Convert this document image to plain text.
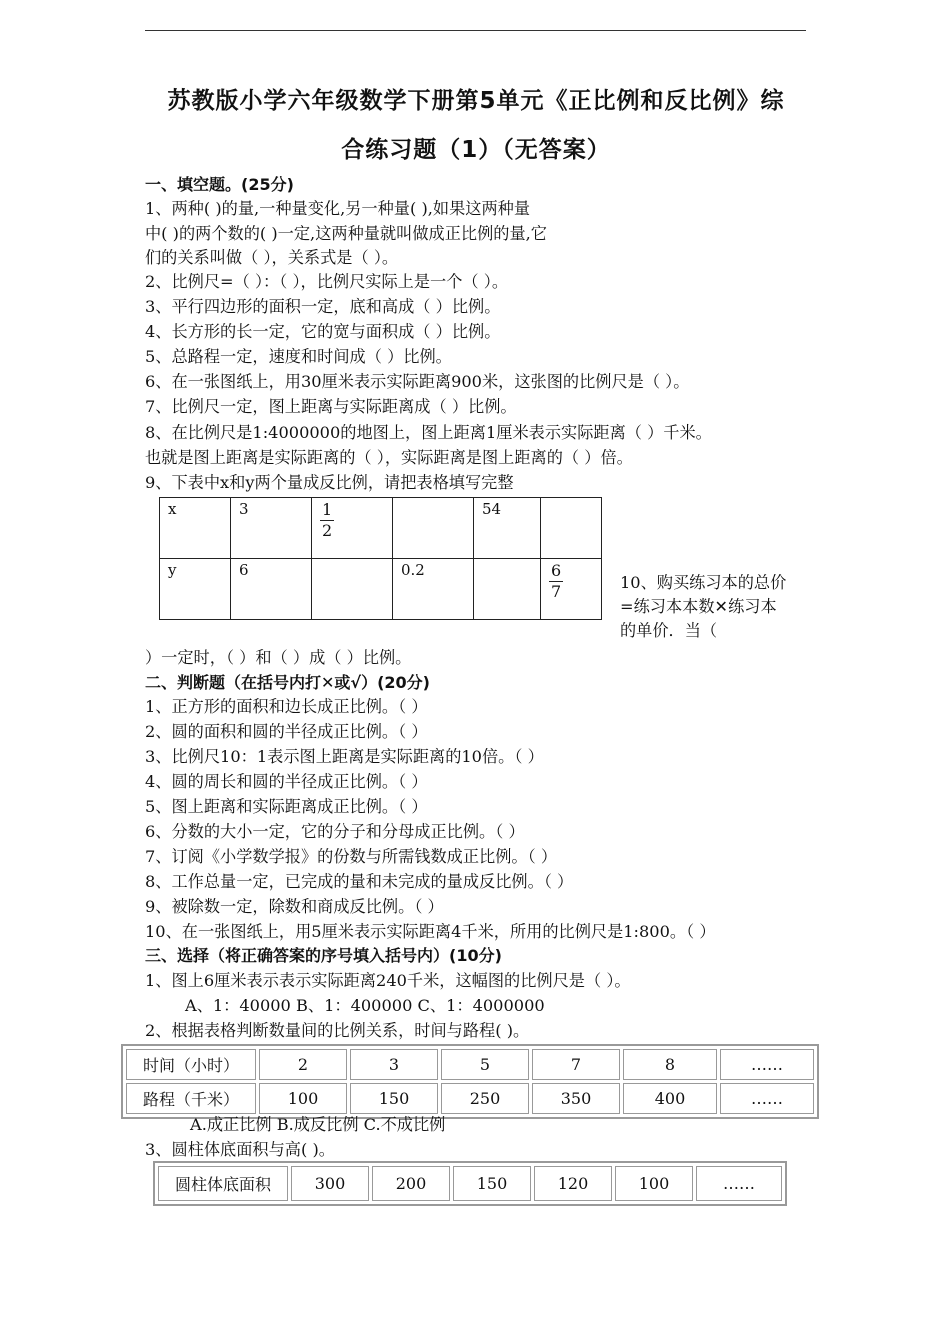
苏教版小学六年级数学下册第5单元《正比例和反比例》综
合练习题（1）（无答案）
一、填空题。(25分)
1、两种( )的量,一种量变化,另一种量( ),如果这两种量
中( )的两个数的( )一定,这两种量就叫做成正比例的量,它
们的关系叫做（ ），关系式是（ ）。
2、比例尺=（ ）：（ ），比例尺实际上是一个（ ）。
3、平行四边形的面积一定，底和高成（ ）比例。
4、长方形的长一定，它的宽与面积成（ ）比例。
5、总路程一定，速度和时间成（ ）比例。
6、在一张图纸上，用30厘米表示实际距离900米，这张图的比例尺是（ ）。
7、比例尺一定，图上距离与实际距离成（ ）比例。
8、在比例尺是1:4000000的地图上，图上距离1厘米表示实际距离（ ）千米。
也就是图上距离是实际距离的（ ），实际距离是图上距离的（ ）倍。
9、下表中x和y两个量成反比例，请把表格填写完整
x	3	$\frac{1}{2}$		54	
y	6		0.2		$\frac{6}{7}$	10、购买练习本的总价
=练习本本数✕练习本
的单价．当（
）一定时，（ ）和（ ）成（ ）比例。
二、判断题（在括号内打✕或√）(20分)
1、正方形的面积和边长成正比例。（ ）
2、圆的面积和圆的半径成正比例。（ ）
3、比例尺10：1表示图上距离是实际距离的10倍。（ ）
4、圆的周长和圆的半径成正比例。（ ）
5、图上距离和实际距离成正比例。（ ）
6、分数的大小一定，它的分子和分母成正比例。（ ）
7、订阅《小学数学报》的份数与所需钱数成正比例。（ ）
8、工作总量一定，已完成的量和未完成的量成反比例。（ ）
9、被除数一定，除数和商成反比例。（ ）
10、在一张图纸上，用5厘米表示实际距离4千米，所用的比例尺是1:800。（ ）
三、选择（将正确答案的序号填入括号内）(10分)
1、图上6厘米表示表示实际距离240千米，这幅图的比例尺是（ ）。
A、1：40000 B、1：400000 C、1：4000000
2、根据表格判断数量间的比例关系，时间与路程( )。
时间（小时）	2	3	5	7	8	……
路程（千米）	100	150	250	350	400	……
A.成正比例 B.成反比例 C.不成比例
3、圆柱体底面积与高( )。
圆柱体底面积	300	200	150	120	100	……
